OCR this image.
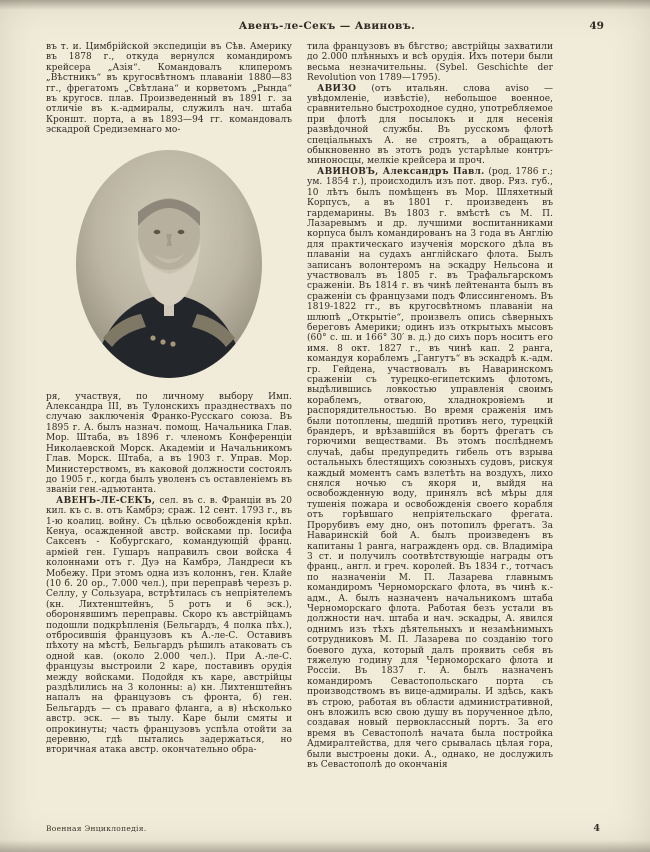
Авенъ-ле-Секъ — Авиновъ.	49

въ т. и. Цимбрійской экспедиціи въ Сѣв. Америку въ 1878 г., откуда вернулся командиромъ крейсера „Азія“. Командовалъ клиперомъ „Вѣстникъ“ въ кругосвѣтномъ плаваніи 1880—83 гг., фрегатомъ „Свѣтлана“ и корветомъ „Рында“ въ кругосв. плав. Произведенный въ 1891 г. за отличіе въ к.-адмиралы, служилъ нач. штаба Кроншт. порта, а въ 1893—94 гг. командовалъ эскадрой Средиземнаго мо-

ря, участвуя, по личному выбору Имп. Александра III, въ Тулонскихъ празднествахъ по случаю заключенія Франко-Русскаго союза. Въ 1895 г. А. былъ назнач. помощ. Начальника Глав. Мор. Штаба, въ 1896 г. членомъ Конференціи Николаевской Морск. Академіи и Начальникомъ Глав. Морск. Штаба, а въ 1903 г. Управ. Мор. Министерствомъ, въ каковой должности состоялъ до 1905 г., когда былъ уволенъ съ оставленіемъ въ званіи ген.-адъютанта.

АВЕНЪ-ЛЕ-СЕКЪ, сел. въ с. в. Франціи въ 20 кил. къ с. в. отъ Камбрэ; сраж. 12 сент. 1793 г., въ 1-ю коалиц. войну. Съ цѣлью освобожденія крѣп. Кенуа, осажденной австр. войсками пр. Іосифа Саксенъ - Кобургскаго, командующій франц. арміей ген. Гушаръ направилъ свои войска 4 колоннами отъ г. Дуэ на Камбрэ, Ландреси къ Мобежу. При этомъ одна изъ колоннъ, ген. Клайе (10 б. 20 ор., 7.000 чел.), при переправѣ черезъ р. Селлу, у Сользуара, встрѣтилась съ непріятелемъ (кн. Лихтенштейнъ, 5 ротъ и 6 эск.), оборонявшимъ переправы. Скоро къ австрійцамъ подошли подкрѣпленія (Бельгардъ, 4 полка пѣх.), отбросившія французовъ къ А.-ле-С. Оставивъ пѣхоту на мѣстѣ, Бельгардъ рѣшилъ атаковать съ одной кав. (около 2.000 чел.). При А.-ле-С. французы выстроили 2 каре, поставивъ орудія между войсками. Подойдя къ каре, австрійцы раздѣлились на 3 колонны: а) кн. Лихтенштейнъ напалъ на французовъ съ фронта, б) ген. Бельгардъ — съ праваго фланга, а в) нѣсколько австр. эск. — въ тылу. Каре были смяты и опрокинуты; часть французовъ успѣла отойти за деревню, гдѣ пытались задержаться, но вторичная атака австр. окончательно обра-

тила французовъ въ бѣгство; австрійцы захватили до 2.000 плѣнныхъ и всѣ орудія. Ихъ потери были весьма незначительны. (Sybel. Geschichte der Revolution von 1789—1795).

АВИЗО (отъ итальян. слова aviso — увѣдомленіе, извѣстіе), небольшое военное, сравнительно быстроходное судно, употребляемое при флотѣ для посылокъ и для несенія развѣдочной службы. Въ русскомъ флотѣ спеціальныхъ А. не строятъ, а обращаютъ обыкновенно въ этотъ родъ устарѣлые контръ-миноносцы, мелкіе крейсера и проч.

АВИНОВЪ, Александръ Павл. (род. 1786 г.; ум. 1854 г.), происходилъ изъ пот. двор. Ряз. губ., 10 лѣтъ былъ помѣщенъ въ Мор. Шляхетный Корпусъ, а въ 1801 г. произведенъ въ гардемарины. Въ 1803 г. вмѣстѣ съ М. П. Лазаревымъ и др. лучшими воспитанниками корпуса былъ командированъ на 3 года въ Англію для практическаго изученія морского дѣла въ плаваніи на судахъ англійскаго флота. Былъ записанъ волонтеромъ на эскадру Нельсона и участвовалъ въ 1805 г. въ Трафальгарскомъ сраженіи. Въ 1814 г. въ чинѣ лейтенанта былъ въ сраженіи съ французами подъ Флиссингеномъ. Въ 1819-1822 гг., въ кругосвѣтномъ плаваніи на шлюпѣ „Открытіе“, произвелъ опись сѣверныхъ береговъ Америки; одинъ изъ открытыхъ мысовъ (60° с. ш. и 166° 30′ в. д.) до сихъ поръ носитъ его имя. 8 окт. 1827 г., въ чинѣ кап. 2 ранга, командуя кораблемъ „Гангутъ“ въ эскадрѣ к.-адм. гр. Гейдена, участвовалъ въ Наваринскомъ сраженіи съ турецко-египетскимъ флотомъ, выдѣлившись ловкостью управленія своимъ кораблемъ, отвагою, хладнокровіемъ и распорядительностью. Во время сраженія имъ были потоплены, шедшій противъ него, турецкій брандеръ, и врѣзавшійся въ бортъ фрегатъ съ горючими веществами. Въ этомъ послѣднемъ случаѣ, дабы предупредить гибель отъ взрыва остальныхъ блестящихъ союзныхъ судовъ, рискуя каждый моментъ самъ взлетѣть на воздухъ, лихо снялся ночью съ якоря и, выйдя на освобожденную воду, принялъ всѣ мѣры для тушенія пожара и освобожденія своего корабля отъ горѣвшаго непріятельскаго фрегата. Прорубивъ ему дно, онъ потопилъ фрегатъ. За Наваринскій бой А. былъ произведенъ въ капитаны 1 ранга, награжденъ орд. св. Владиміра 3 ст. и получилъ соотвѣтствующіе награды отъ франц., англ. и греч. королей. Въ 1834 г., тотчасъ по назначеніи М. П. Лазарева главнымъ командиромъ Черноморскаго флота, въ чинѣ к.-адм., А. былъ назначенъ начальникомъ штаба Черноморскаго флота. Работая безъ устали въ должности нач. штаба и нач. эскадры, А. явился однимъ изъ тѣхъ дѣятельныхъ и незамѣнимыхъ сотрудниковъ М. П. Лазарева по созданію того боевого духа, который далъ проявить себя въ тяжелую годину для Черноморскаго флота и Россіи. Въ 1837 г. А. былъ назначенъ командиромъ Севастопольскаго порта съ производствомъ въ вице-адмиралы. И здѣсь, какъ въ строю, работая въ области административной, онъ вложилъ всю свою душу въ порученное дѣло, создавая новый первоклассный портъ. За его время въ Севастополѣ начата была постройка Адмиралтейства, для чего срывалась цѣлая гора, были выстроены доки. А., однако, не дослужилъ въ Севастополѣ до окончанія

Военная Энциклопедія.	4
